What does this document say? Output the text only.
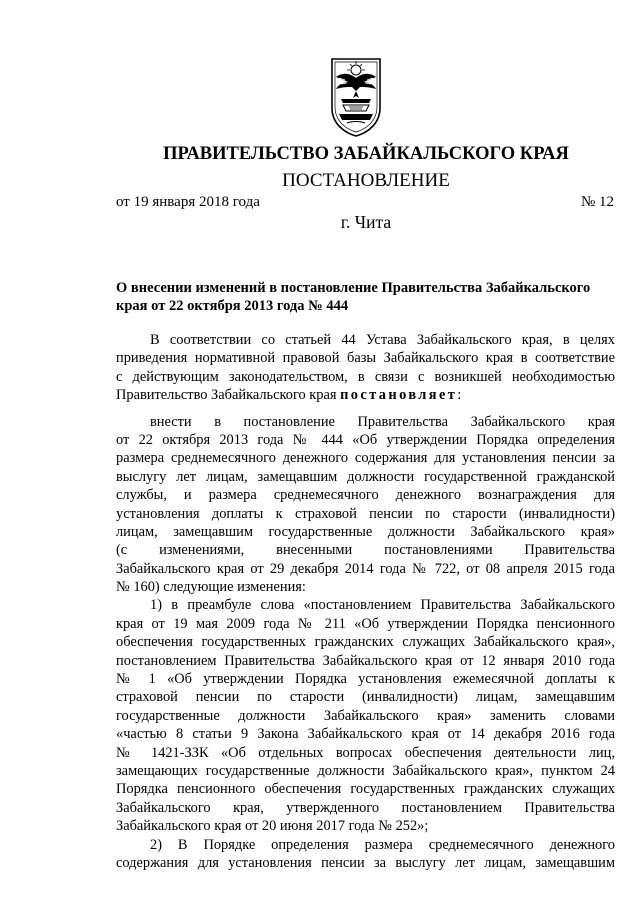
ПРАВИТЕЛЬСТВО ЗАБАЙКАЛЬСКОГО КРАЯ
ПОСТАНОВЛЕНИЕ
от 19 января 2018 года	№ 12
г. Чита
О внесении изменений в постановление Правительства Забайкальского
края от 22 октября 2013 года № 444
В соответствии со статьей 44 Устава Забайкальского края, в целях
приведения нормативной правовой базы Забайкальского края в соответствие
с действующим законодательством, в связи с возникшей необходимостью
Правительство Забайкальского края постановляет:
внести в постановление Правительства Забайкальского края
от 22 октября 2013 года № 444 «Об утверждении Порядка определения
размера среднемесячного денежного содержания для установления пенсии за
выслугу лет лицам, замещавшим должности государственной гражданской
службы, и размера среднемесячного денежного вознаграждения для
установления доплаты к страховой пенсии по старости (инвалидности)
лицам, замещавшим государственные должности Забайкальского края»
(с изменениями, внесенными постановлениями Правительства
Забайкальского края от 29 декабря 2014 года № 722, от 08 апреля 2015 года
№ 160) следующие изменения:
1) в преамбуле слова «постановлением Правительства Забайкальского
края от 19 мая 2009 года № 211 «Об утверждении Порядка пенсионного
обеспечения государственных гражданских служащих Забайкальского края»,
постановлением Правительства Забайкальского края от 12 января 2010 года
№ 1 «Об утверждении Порядка установления ежемесячной доплаты к
страховой пенсии по старости (инвалидности) лицам, замещавшим
государственные должности Забайкальского края» заменить словами
«частью 8 статьи 9 Закона Забайкальского края от 14 декабря 2016 года
№ 1421-ЗЗК «Об отдельных вопросах обеспечения деятельности лиц,
замещающих государственные должности Забайкальского края», пунктом 24
Порядка пенсионного обеспечения государственных гражданских служащих
Забайкальского края, утвержденного постановлением Правительства
Забайкальского края от 20 июня 2017 года № 252»;
2) В Порядке определения размера среднемесячного денежного
содержания для установления пенсии за выслугу лет лицам, замещавшим
